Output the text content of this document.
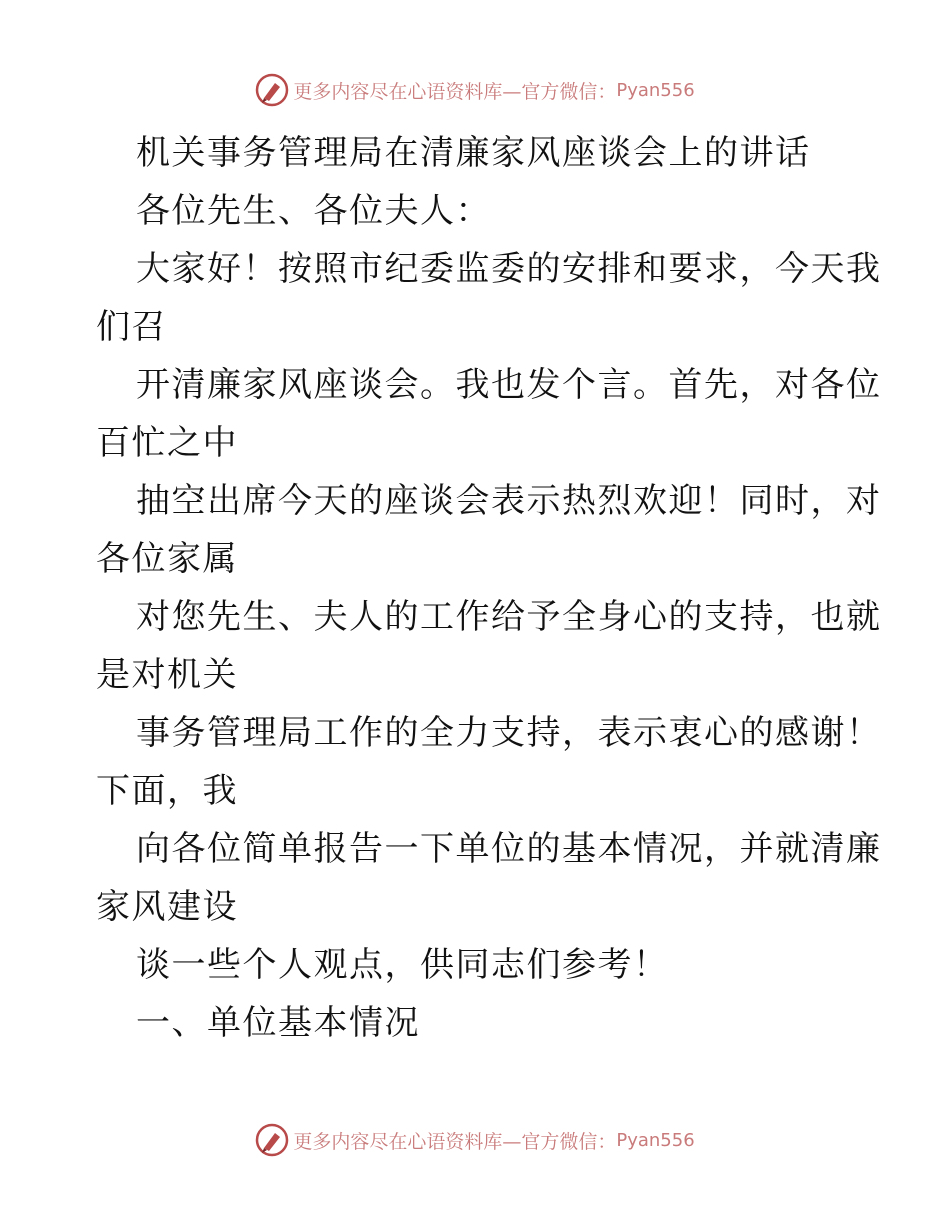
更多内容尽在心语资料库—官方微信： Pyan556
机关事务管理局在清廉家风座谈会上的讲话
各位先生、各位夫人：
大家好！按照市纪委监委的安排和要求，今天我
们召
开清廉家风座谈会。我也发个言。首先，对各位
百忙之中
抽空出席今天的座谈会表示热烈欢迎！同时，对
各位家属
对您先生、夫人的工作给予全身心的支持，也就
是对机关
事务管理局工作的全力支持，表示衷心的感谢！
下面，我
向各位简单报告一下单位的基本情况，并就清廉
家风建设
谈一些个人观点，供同志们参考！
一、单位基本情况
更多内容尽在心语资料库—官方微信： Pyan556
